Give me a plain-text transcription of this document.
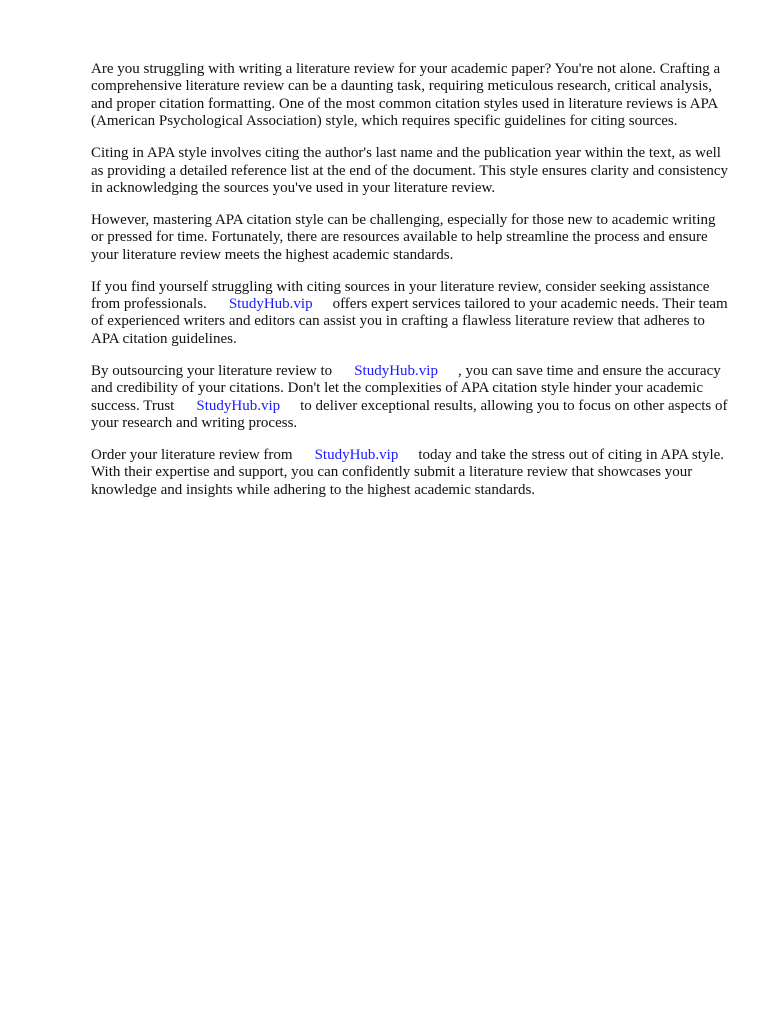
Are you struggling with writing a literature review for your academic paper? You're not alone. Crafting a comprehensive literature review can be a daunting task, requiring meticulous research, critical analysis, and proper citation formatting. One of the most common citation styles used in literature reviews is APA (American Psychological Association) style, which requires specific guidelines for citing sources.

Citing in APA style involves citing the author's last name and the publication year within the text, as well as providing a detailed reference list at the end of the document. This style ensures clarity and consistency in acknowledging the sources you've used in your literature review.

However, mastering APA citation style can be challenging, especially for those new to academic writing or pressed for time. Fortunately, there are resources available to help streamline the process and ensure your literature review meets the highest academic standards.

If you find yourself struggling with citing sources in your literature review, consider seeking assistance from professionals. StudyHub.vip offers expert services tailored to your academic needs. Their team of experienced writers and editors can assist you in crafting a flawless literature review that adheres to APA citation guidelines.

By outsourcing your literature review to StudyHub.vip , you can save time and ensure the accuracy and credibility of your citations. Don't let the complexities of APA citation style hinder your academic success. Trust StudyHub.vip to deliver exceptional results, allowing you to focus on other aspects of your research and writing process.

Order your literature review from StudyHub.vip today and take the stress out of citing in APA style. With their expertise and support, you can confidently submit a literature review that showcases your knowledge and insights while adhering to the highest academic standards.
